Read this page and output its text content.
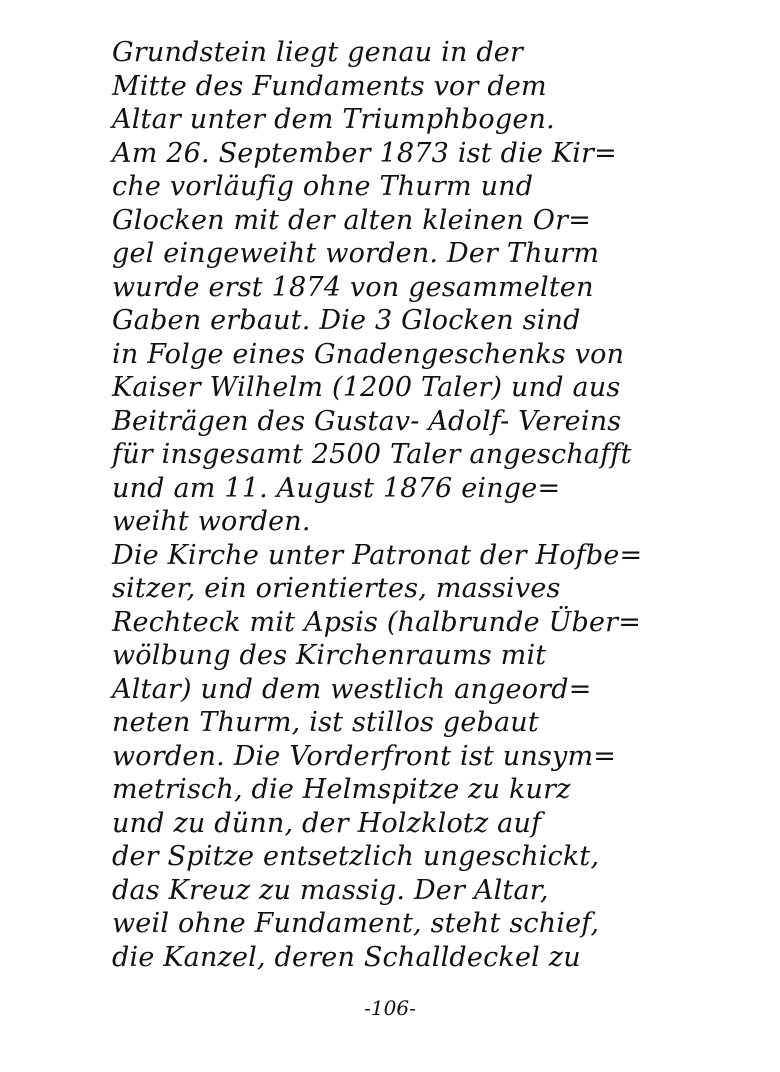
Grundstein liegt genau in der
Mitte des Fundaments vor dem
Altar unter dem Triumphbogen.
Am 26. September 1873 ist die Kir=
che vorläufig ohne Thurm und
Glocken mit der alten kleinen Or=
gel eingeweiht worden. Der Thurm
wurde erst 1874 von gesammelten
Gaben erbaut. Die 3 Glocken sind
in Folge eines Gnadengeschenks von
Kaiser Wilhelm (1200 Taler) und aus
Beiträgen des Gustav- Adolf- Vereins
für insgesamt 2500 Taler angeschafft
und am 11. August 1876 einge=
weiht worden.
Die Kirche unter Patronat der Hofbe=
sitzer, ein orientiertes, massives
Rechteck mit Apsis (halbrunde Über=
wölbung des Kirchenraums mit
Altar) und dem westlich angeord=
neten Thurm, ist stillos gebaut
worden. Die Vorderfront ist unsym=
metrisch, die Helmspitze zu kurz
und zu dünn, der Holzklotz auf
der Spitze entsetzlich ungeschickt,
das Kreuz zu massig. Der Altar,
weil ohne Fundament, steht schief,
die Kanzel, deren Schalldeckel zu
-106-
